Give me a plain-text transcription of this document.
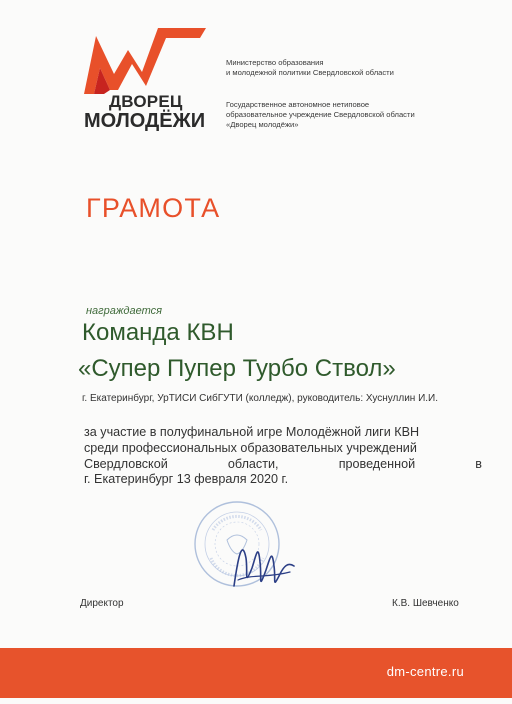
ДВОРЕЦ
МОЛОДЁЖИ
Министерство образования
и молодежной политики Свердловской области
Государственное автономное нетиповое
образовательное учреждение Свердловской области
«Дворец молодёжи»
ГРАМОТА
награждается
Команда КВН
«Супер Пупер Турбо Ствол»
г. Екатеринбург, УрТИСИ СибГУТИ (колледж), руководитель: Хуснуллин И.И.
за участие в полуфинальной игре Молодёжной лиги КВН
среди профессиональных образовательных учреждений
Свердловской	области,	проведенной	в
г. Екатеринбург 13 февраля 2020 г.
Директор	К.В. Шевченко
dm-centre.ru
